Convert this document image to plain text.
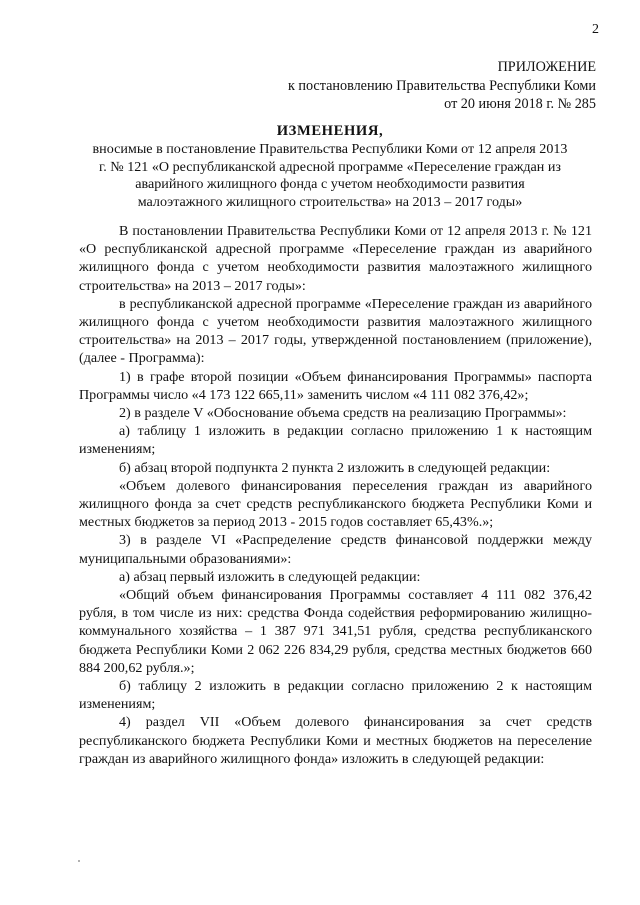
2
ПРИЛОЖЕНИЕ
к постановлению Правительства Республики Коми
от 20 июня 2018 г. № 285
ИЗМЕНЕНИЯ,
вносимые в постановление Правительства Республики Коми от 12 апреля 2013
г. № 121 «О республиканской адресной программе «Переселение граждан из
аварийного жилищного фонда с учетом необходимости развития
малоэтажного жилищного строительства» на 2013 – 2017 годы»

В постановлении Правительства Республики Коми от 12 апреля 2013 г. № 121 «О республиканской адресной программе «Переселение граждан из аварийного жилищного фонда с учетом необходимости развития малоэтажного жилищного строительства» на 2013 – 2017 годы»:

в республиканской адресной программе «Переселение граждан из аварийного жилищного фонда с учетом необходимости развития малоэтажного жилищного строительства» на 2013 – 2017 годы, утвержденной постановлением (приложение), (далее - Программа):

1) в графе второй позиции «Объем финансирования Программы» паспорта Программы число «4 173 122 665,11» заменить числом «4 111 082 376,42»;

2) в разделе V «Обоснование объема средств на реализацию Программы»:

а) таблицу 1 изложить в редакции согласно приложению 1 к настоящим изменениям;

б) абзац второй подпункта 2 пункта 2 изложить в следующей редакции:

«Объем долевого финансирования переселения граждан из аварийного жилищного фонда за счет средств республиканского бюджета Республики Коми и местных бюджетов за период 2013 - 2015 годов составляет 65,43%.»;

3) в разделе VI «Распределение средств финансовой поддержки между муниципальными образованиями»:

а) абзац первый изложить в следующей редакции:

«Общий объем финансирования Программы составляет 4 111 082 376,42 рубля, в том числе из них: средства Фонда содействия реформированию жилищно-коммунального хозяйства – 1 387 971 341,51 рубля, средства республиканского бюджета Республики Коми 2 062 226 834,29 рубля, средства местных бюджетов 660 884 200,62 рубля.»;

б) таблицу 2 изложить в редакции согласно приложению 2 к настоящим изменениям;

4) раздел VII «Объем долевого финансирования за счет средств республиканского бюджета Республики Коми и местных бюджетов на переселение граждан из аварийного жилищного фонда» изложить в следующей редакции:
